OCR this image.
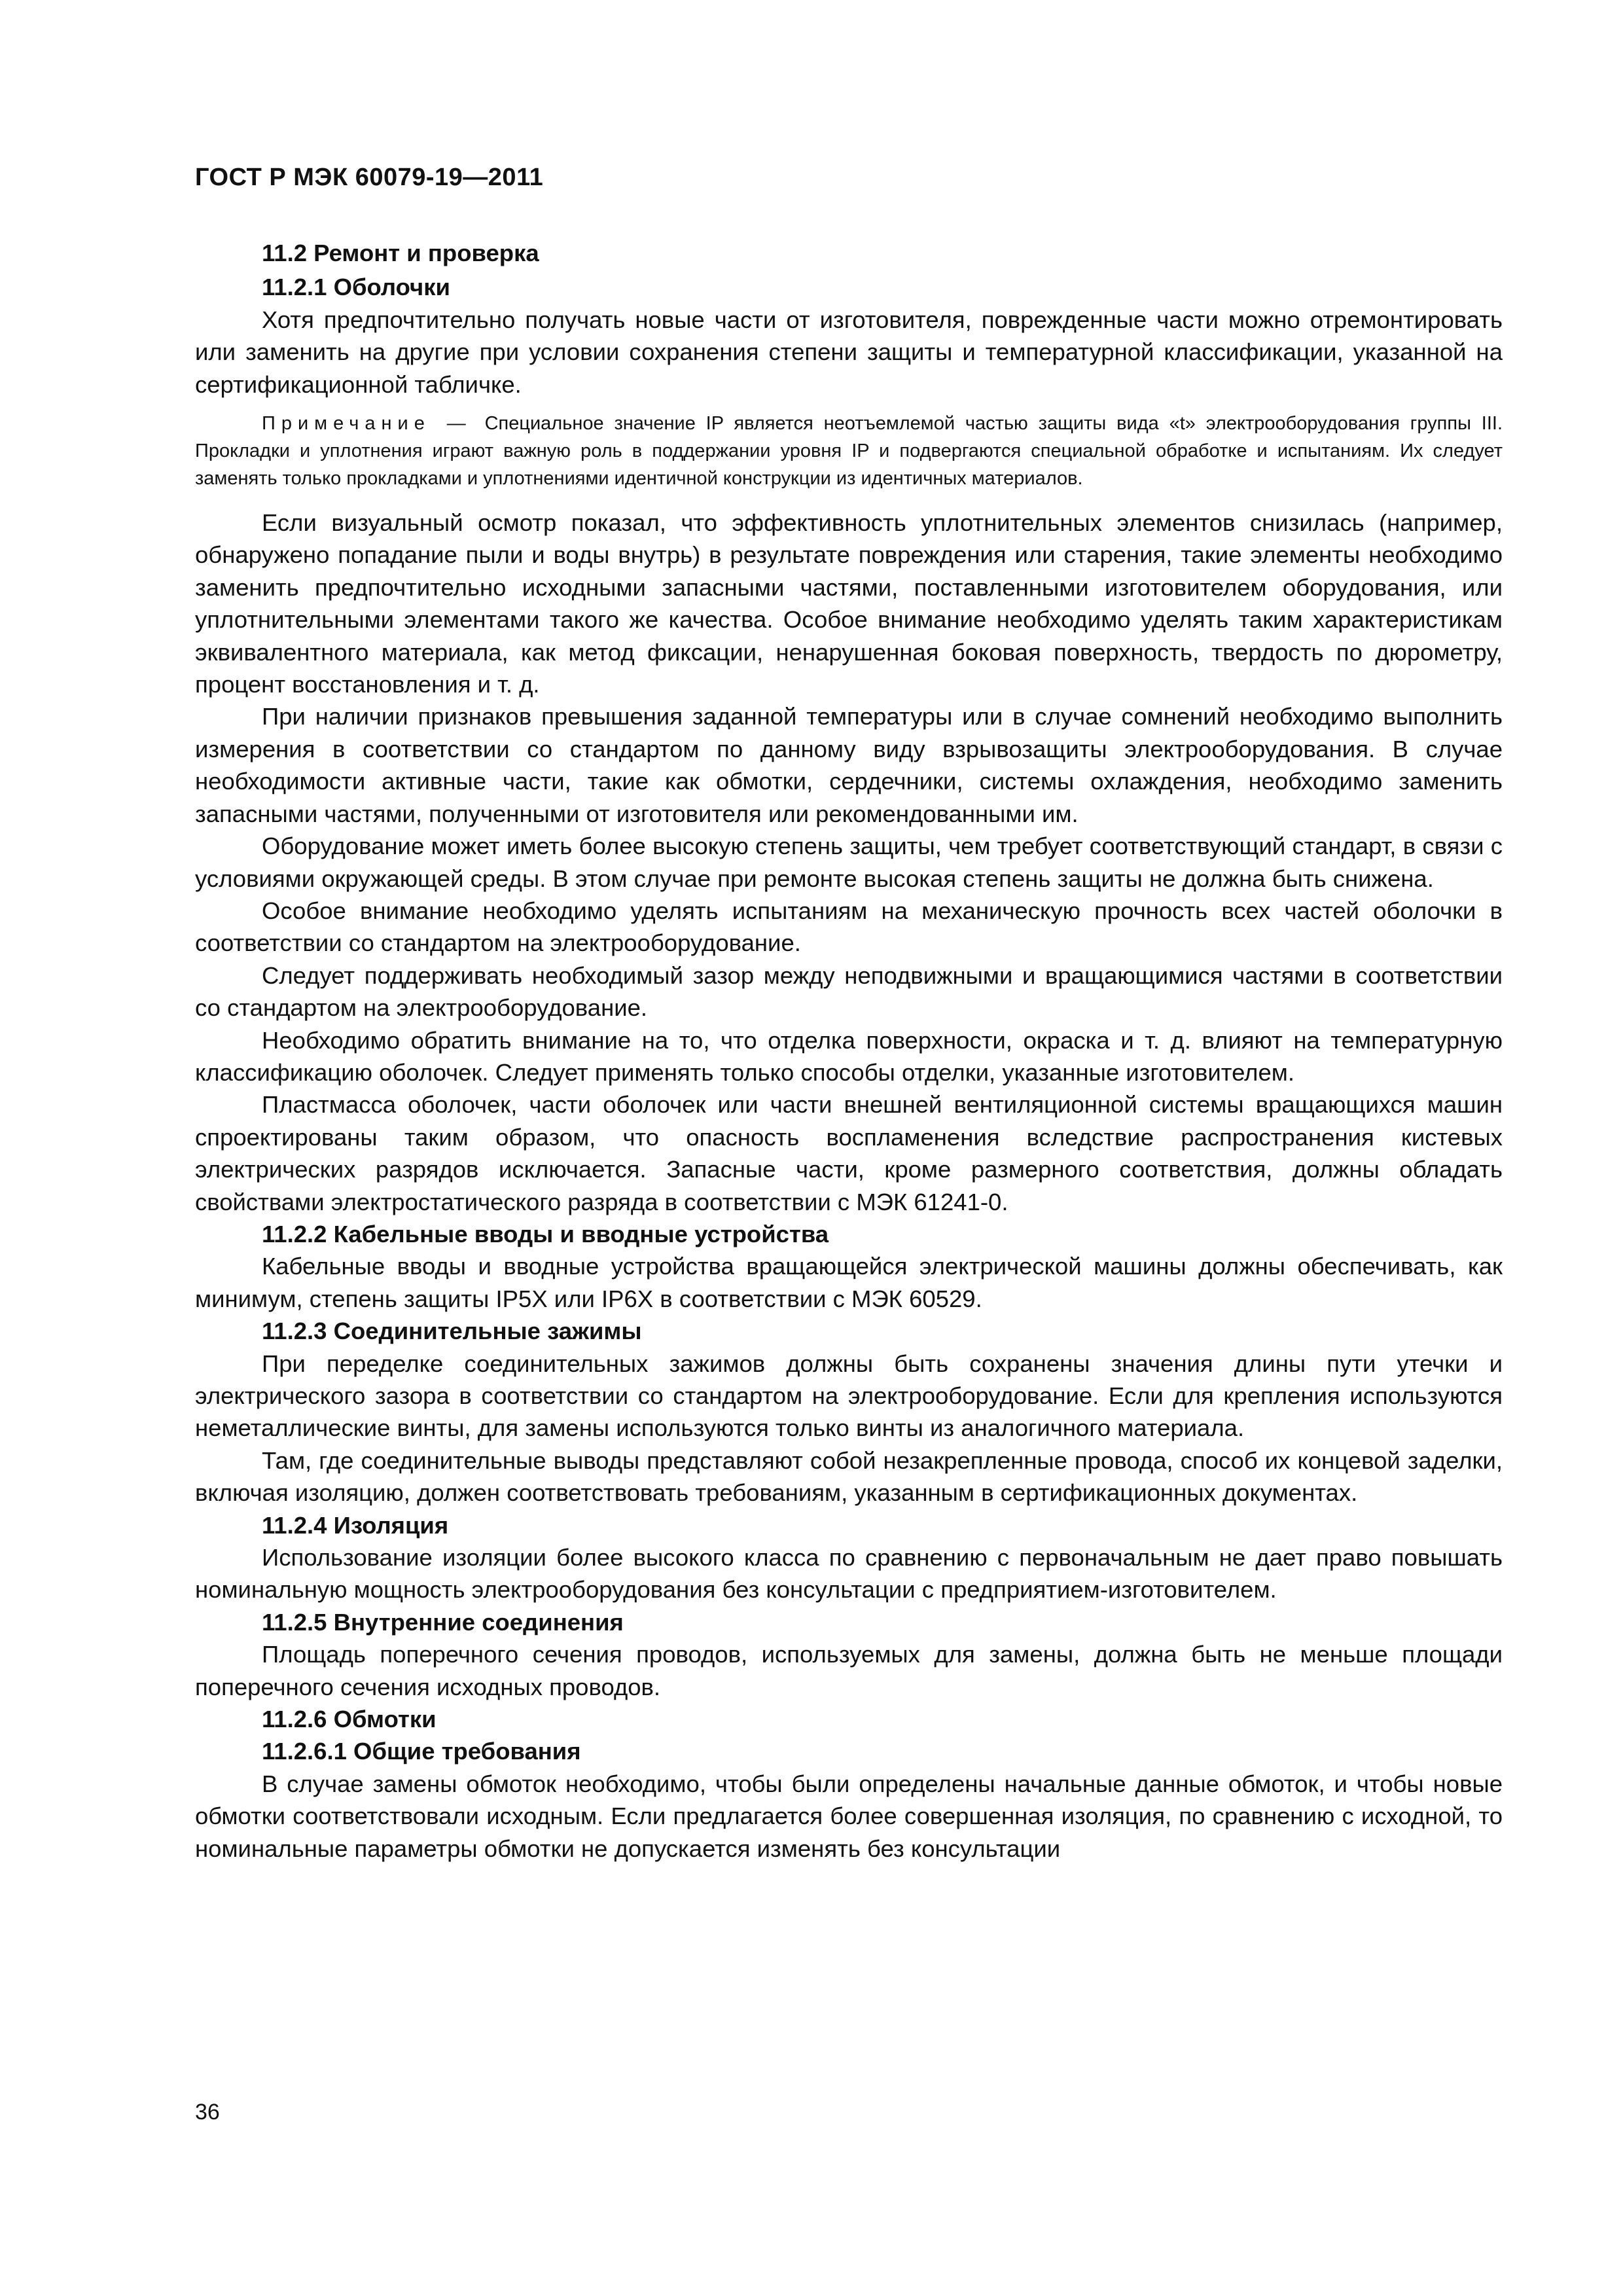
ГОСТ Р МЭК 60079-19—2011

11.2 Ремонт и проверка

11.2.1 Оболочки

Хотя предпочтительно получать новые части от изготовителя, поврежденные части можно отремонтировать или заменить на другие при условии сохранения степени защиты и температурной классификации, указанной на сертификационной табличке.

Примечание — Специальное значение IP является неотъемлемой частью защиты вида «t» электрооборудования группы III. Прокладки и уплотнения играют важную роль в поддержании уровня IP и подвергаются специальной обработке и испытаниям. Их следует заменять только прокладками и уплотнениями идентичной конструкции из идентичных материалов.

Если визуальный осмотр показал, что эффективность уплотнительных элементов снизилась (например, обнаружено попадание пыли и воды внутрь) в результате повреждения или старения, такие элементы необходимо заменить предпочтительно исходными запасными частями, поставленными изготовителем оборудования, или уплотнительными элементами такого же качества. Особое внимание необходимо уделять таким характеристикам эквивалентного материала, как метод фиксации, ненарушенная боковая поверхность, твердость по дюрометру, процент восстановления и т. д.

При наличии признаков превышения заданной температуры или в случае сомнений необходимо выполнить измерения в соответствии со стандартом по данному виду взрывозащиты электрооборудования. В случае необходимости активные части, такие как обмотки, сердечники, системы охлаждения, необходимо заменить запасными частями, полученными от изготовителя или рекомендованными им.

Оборудование может иметь более высокую степень защиты, чем требует соответствующий стандарт, в связи с условиями окружающей среды. В этом случае при ремонте высокая степень защиты не должна быть снижена.

Особое внимание необходимо уделять испытаниям на механическую прочность всех частей оболочки в соответствии со стандартом на электрооборудование.

Следует поддерживать необходимый зазор между неподвижными и вращающимися частями в соответствии со стандартом на электрооборудование.

Необходимо обратить внимание на то, что отделка поверхности, окраска и т. д. влияют на температурную классификацию оболочек. Следует применять только способы отделки, указанные изготовителем.

Пластмасса оболочек, части оболочек или части внешней вентиляционной системы вращающихся машин спроектированы таким образом, что опасность воспламенения вследствие распространения кистевых электрических разрядов исключается. Запасные части, кроме размерного соответствия, должны обладать свойствами электростатического разряда в соответствии с МЭК 61241-0.

11.2.2 Кабельные вводы и вводные устройства

Кабельные вводы и вводные устройства вращающейся электрической машины должны обеспечивать, как минимум, степень защиты IP5X или IP6X в соответствии с МЭК 60529.

11.2.3 Соединительные зажимы

При переделке соединительных зажимов должны быть сохранены значения длины пути утечки и электрического зазора в соответствии со стандартом на электрооборудование. Если для крепления используются неметаллические винты, для замены используются только винты из аналогичного материала.

Там, где соединительные выводы представляют собой незакрепленные провода, способ их концевой заделки, включая изоляцию, должен соответствовать требованиям, указанным в сертификационных документах.

11.2.4 Изоляция

Использование изоляции более высокого класса по сравнению с первоначальным не дает право повышать номинальную мощность электрооборудования без консультации с предприятием-изготовителем.

11.2.5 Внутренние соединения

Площадь поперечного сечения проводов, используемых для замены, должна быть не меньше площади поперечного сечения исходных проводов.

11.2.6 Обмотки

11.2.6.1 Общие требования

В случае замены обмоток необходимо, чтобы были определены начальные данные обмоток, и чтобы новые обмотки соответствовали исходным. Если предлагается более совершенная изоляция, по сравнению с исходной, то номинальные параметры обмотки не допускается изменять без консультации

36
